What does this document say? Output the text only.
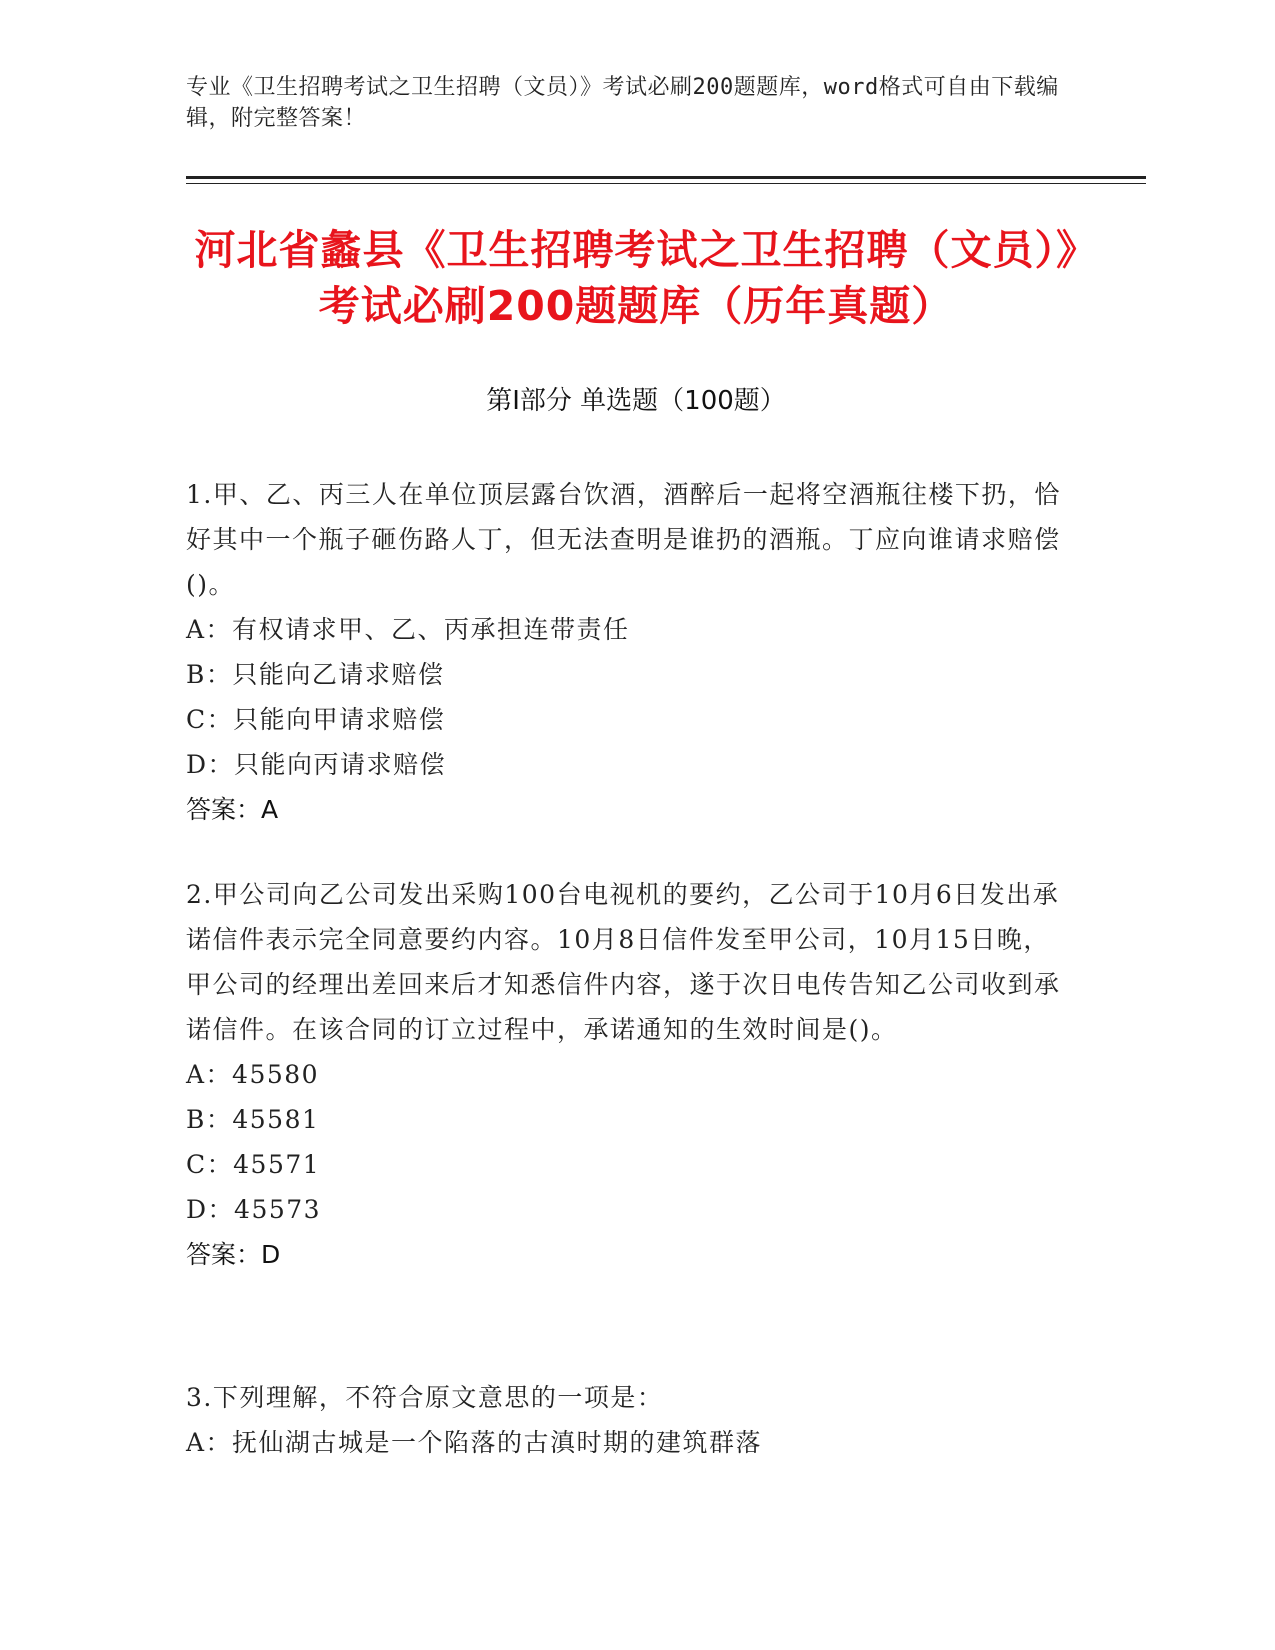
专业《卫生招聘考试之卫生招聘（文员）》考试必刷200题题库，word格式可自由下载编辑，附完整答案！
河北省蠡县《卫生招聘考试之卫生招聘（文员）》考试必刷200题题库（历年真题）
第Ⅰ部分 单选题（100题）
1.甲、乙、丙三人在单位顶层露台饮酒，酒醉后一起将空酒瓶往楼下扔，恰好其中一个瓶子砸伤路人丁，但无法查明是谁扔的酒瓶。丁应向谁请求赔偿()。
A：有权请求甲、乙、丙承担连带责任
B：只能向乙请求赔偿
C：只能向甲请求赔偿
D：只能向丙请求赔偿
答案：A
2.甲公司向乙公司发出采购100台电视机的要约，乙公司于10月6日发出承诺信件表示完全同意要约内容。10月8日信件发至甲公司，10月15日晚，甲公司的经理出差回来后才知悉信件内容，遂于次日电传告知乙公司收到承诺信件。在该合同的订立过程中，承诺通知的生效时间是()。
A：45580
B：45581
C：45571
D：45573
答案：D
3.下列理解，不符合原文意思的一项是：
A：抚仙湖古城是一个陷落的古滇时期的建筑群落
